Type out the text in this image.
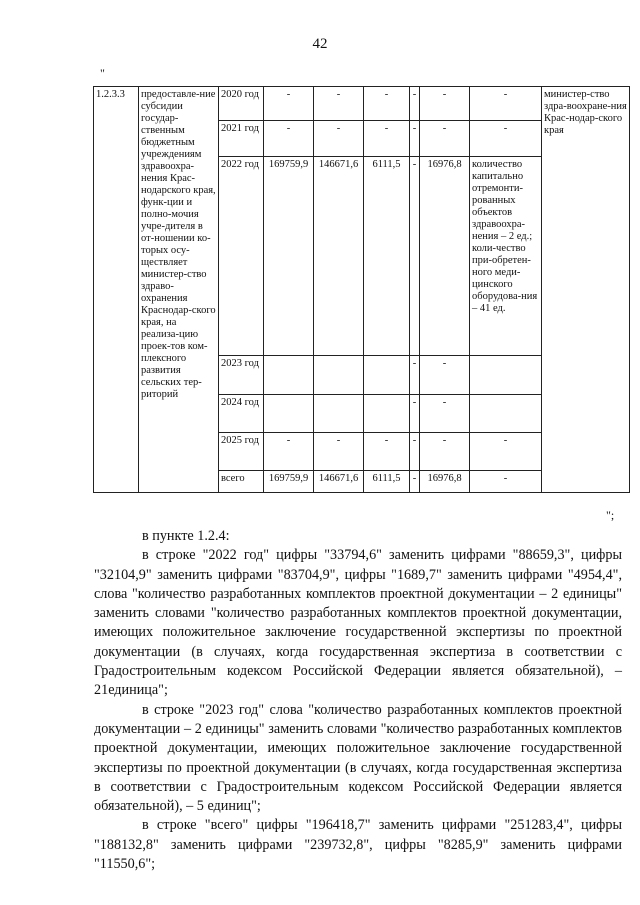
42
"
1.2.3.3	предоставле-ние субсидии государ-ственным бюджетным учреждениям здравоохра-нения Крас-нодарского края, функ-ции и полно-мочия учре-дителя в от-ношении ко-торых осу-ществляет министер-ство здраво-охранения Краснодар-ского края, на реализа-цию проек-тов ком-плексного развития сельских тер-риторий	2020 год	-	-	-	-	-	-	министер-ство здра-воохране-ния Крас-нодар-ского края
		2021 год	-	-	-	-	-	-	
		2022 год	169759,9	146671,6	6111,5	-	16976,8	количество капитально отремонти-рованных объектов здравоохра-нения – 2 ед.; коли-чество при-обретен-ного меди-цинского оборудова-ния – 41 ед.	
		2023 год				-	-		
		2024 год				-	-		
		2025 год	-	-	-	-	-	-	
		всего	169759,9	146671,6	6111,5	-	16976,8	-	
";

в пункте 1.2.4:

в строке "2022 год" цифры "33794,6" заменить цифрами "88659,3", цифры "32104,9" заменить цифрами "83704,9", цифры "1689,7" заменить цифрами "4954,4", слова "количество разработанных комплектов проектной документации – 2 единицы" заменить словами "количество разработанных комплектов проектной документации, имеющих положительное заключение государственной экспертизы по проектной документации (в случаях, когда государственная экспертиза в соответствии с Градостроительным кодексом Российской Федерации является обязательной), – 21единица";

в строке "2023 год" слова "количество разработанных комплектов проектной документации – 2 единицы" заменить словами "количество разработанных комплектов проектной документации, имеющих положительное заключение государственной экспертизы по проектной документации (в случаях, когда государственная экспертиза в соответствии с Градостроительным кодексом Российской Федерации является обязательной), – 5 единиц";

в строке "всего" цифры "196418,7" заменить цифрами "251283,4", цифры "188132,8" заменить цифрами "239732,8", цифры "8285,9" заменить цифрами "11550,6";
